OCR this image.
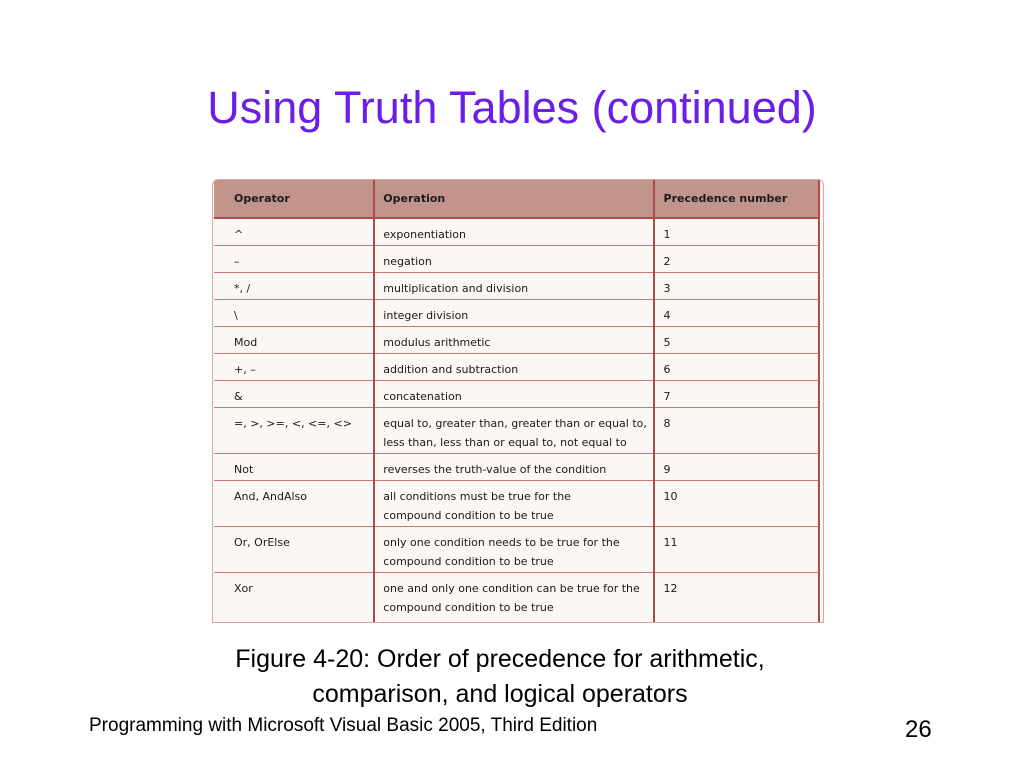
Using Truth Tables (continued)
Operator	Operation	Precedence number
^	exponentiation	1
–	negation	2
*, /	multiplication and division	3
\	integer division	4
Mod	modulus arithmetic	5
+, –	addition and subtraction	6
&	concatenation	7
=, >, >=, <, <=, <>	equal to, greater than, greater than or equal to,
less than, less than or equal to, not equal to	8
Not	reverses the truth-value of the condition	9
And, AndAlso	all conditions must be true for the
compound condition to be true	10
Or, OrElse	only one condition needs to be true for the
compound condition to be true	11
Xor	one and only one condition can be true for the
compound condition to be true	12
Figure 4-20: Order of precedence for arithmetic,
comparison, and logical operators
Programming with Microsoft Visual Basic 2005, Third Edition	26
